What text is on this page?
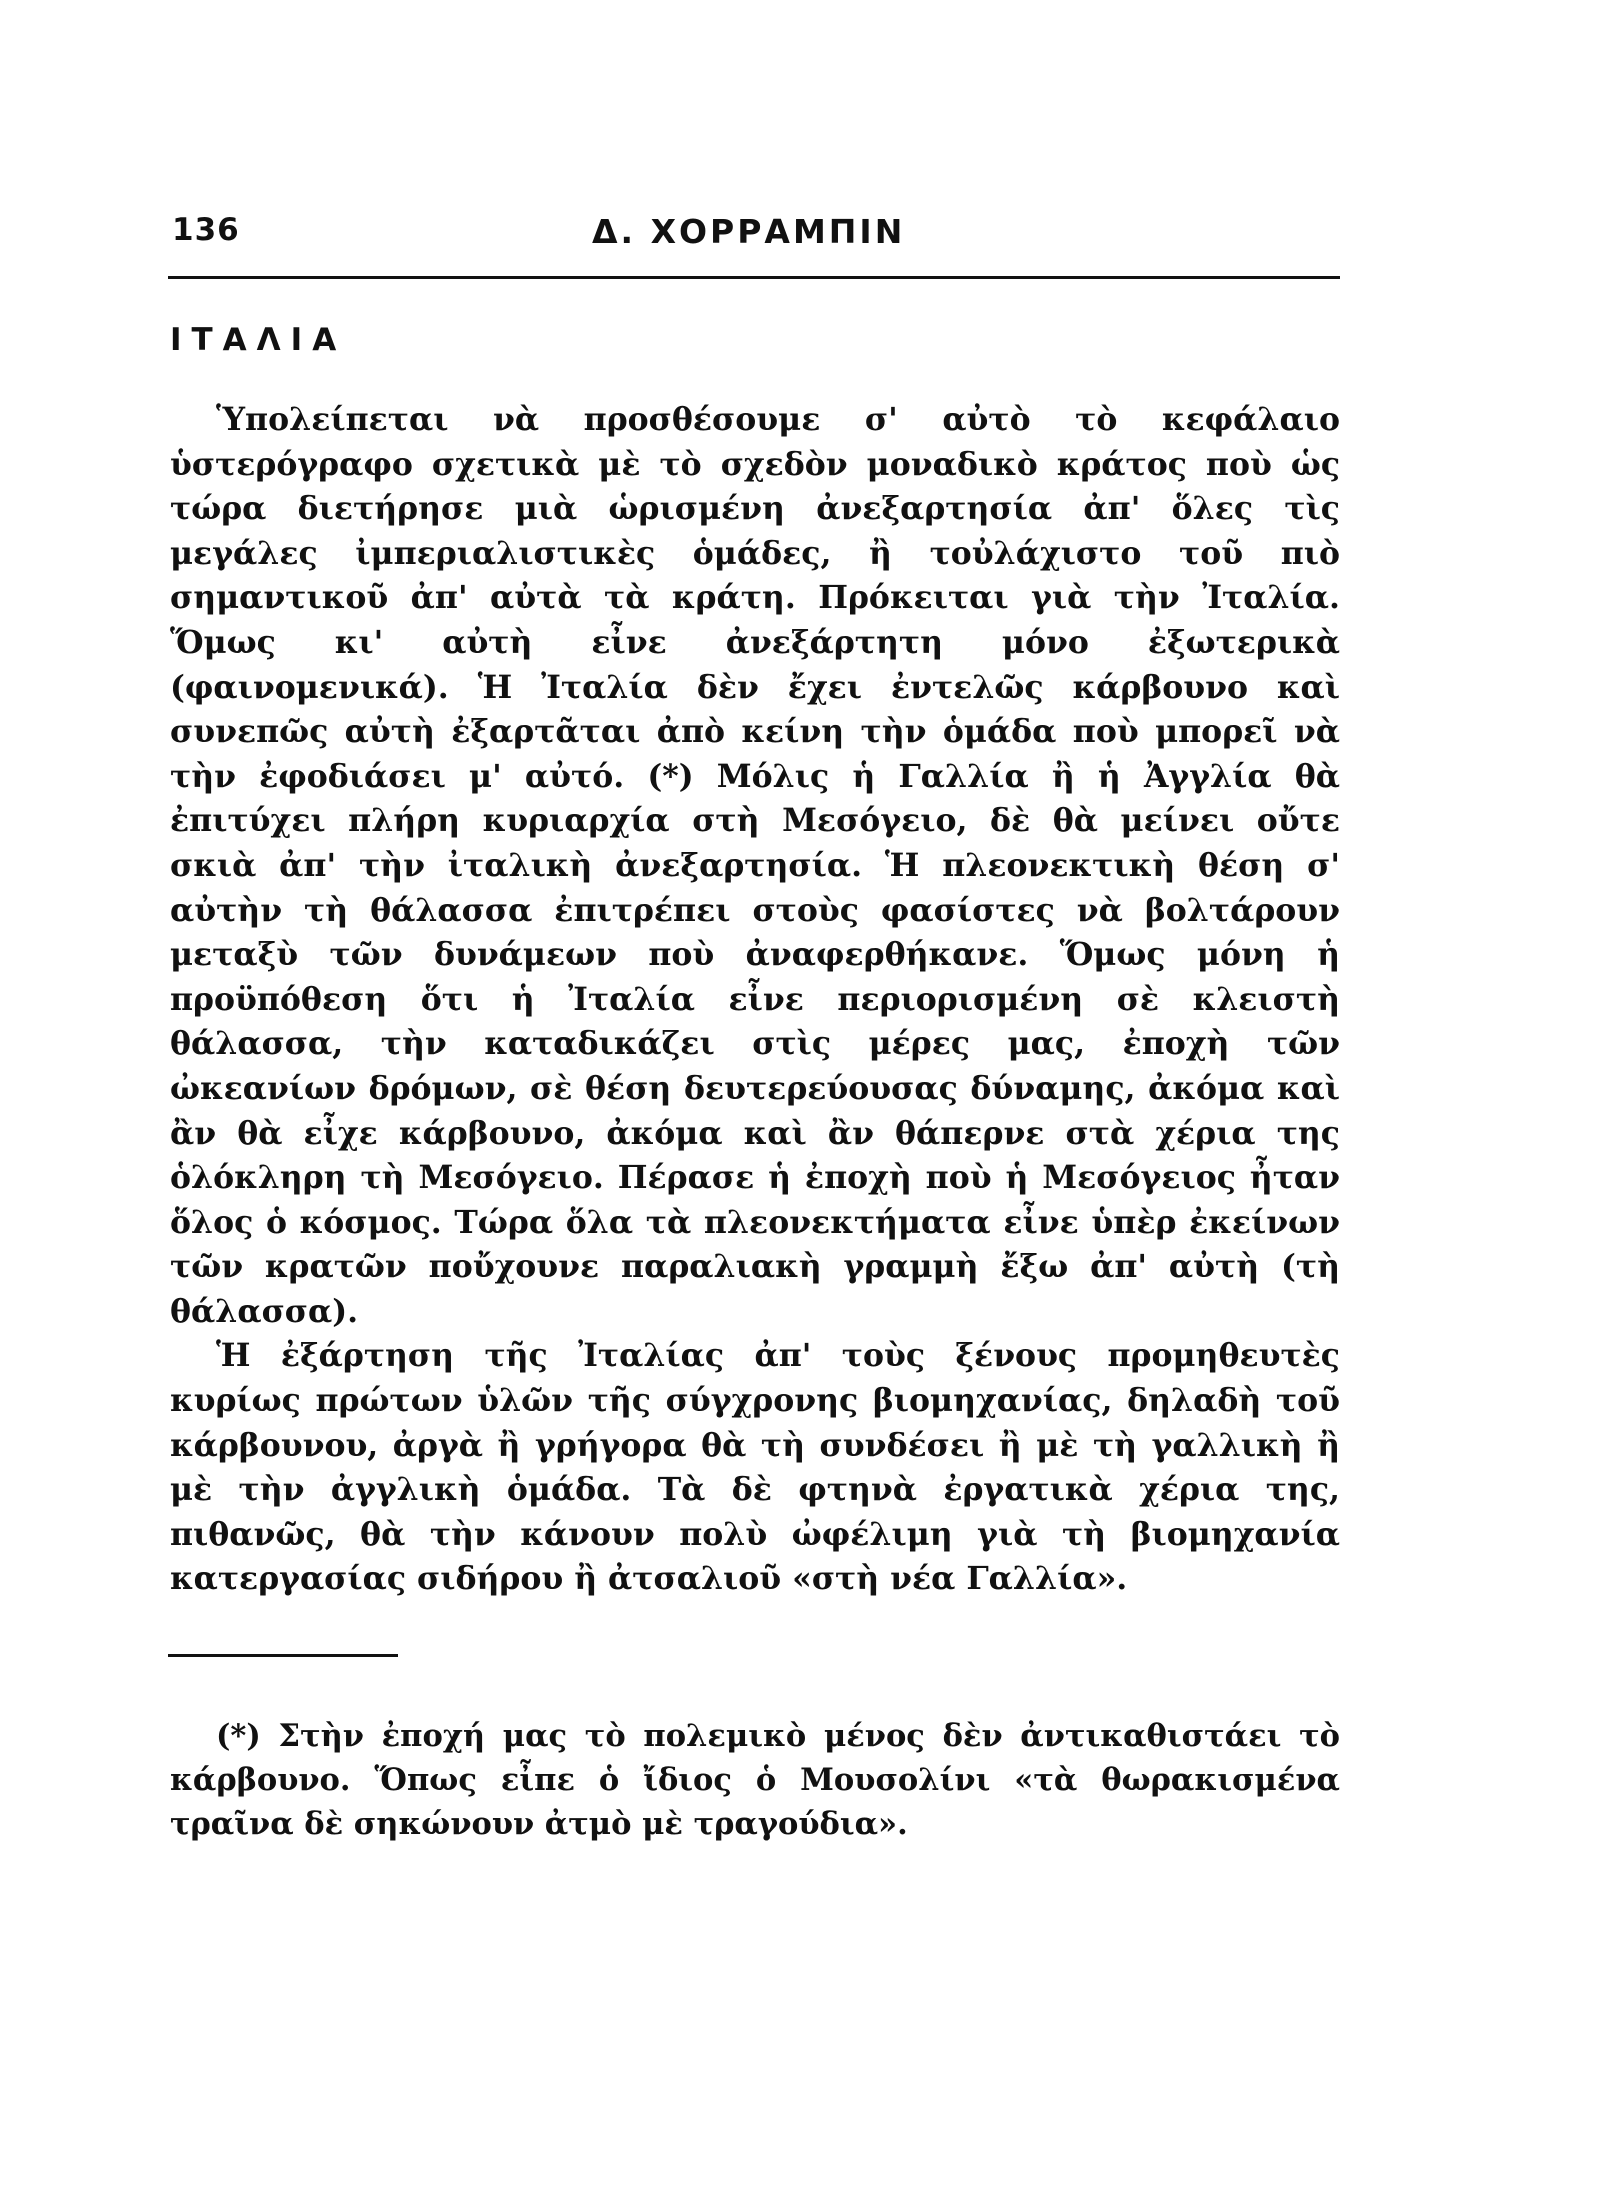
136	Δ. ΧΟΡΡΑΜΠΙΝ
ΙΤΑΛΙΑ

Ὑπολείπεται νὰ προσθέσουμε σ' αὐτὸ τὸ κεφάλαιο ὑστερόγραφο σχετικὰ μὲ τὸ σχεδὸν μοναδικὸ κράτος ποὺ ὡς τώρα διετήρησε μιὰ ὡρισμένη ἀνεξαρτησία ἀπ' ὅλες τὶς μεγάλες ἰμπεριαλιστικὲς ὁμάδες, ἢ τοὐλάχιστο τοῦ πιὸ σημαντικοῦ ἀπ' αὐτὰ τὰ κράτη. Πρόκειται γιὰ τὴν Ἰταλία. Ὅμως κι' αὐτὴ εἶνε ἀνεξάρτητη μόνο ἐξωτερικὰ (φαινομενικά). Ἡ Ἰταλία δὲν ἔχει ἐντελῶς κάρβουνο καὶ συνεπῶς αὐτὴ ἐξαρτᾶται ἀπὸ κείνη τὴν ὁμάδα ποὺ μπορεῖ νὰ τὴν ἐφοδιάσει μ' αὐτό. (*) Μόλις ἡ Γαλλία ἢ ἡ Ἀγγλία θὰ ἐπιτύχει πλήρη κυριαρχία στὴ Μεσόγειο, δὲ θὰ μείνει οὔτε σκιὰ ἀπ' τὴν ἰταλικὴ ἀνεξαρτησία. Ἡ πλεονεκτικὴ θέση σ' αὐτὴν τὴ θάλασσα ἐπιτρέπει στοὺς φασίστες νὰ βολτάρουν μεταξὺ τῶν δυνάμεων ποὺ ἀναφερθήκανε. Ὅμως μόνη ἡ προϋπόθεση ὅτι ἡ Ἰταλία εἶνε περιορισμένη σὲ κλειστὴ θάλασσα, τὴν καταδικάζει στὶς μέρες μας, ἐποχὴ τῶν ὠκεανίων δρόμων, σὲ θέση δευτερεύουσας δύναμης, ἀκόμα καὶ ἂν θὰ εἶχε κάρβουνο, ἀκόμα καὶ ἂν θάπερνε στὰ χέρια της ὁλόκληρη τὴ Μεσόγειο. Πέρασε ἡ ἐποχὴ ποὺ ἡ Μεσόγειος ἦταν ὅλος ὁ κόσμος. Τώρα ὅλα τὰ πλεονεκτήματα εἶνε ὑπὲρ ἐκείνων τῶν κρατῶν ποὔχουνε παραλιακὴ γραμμὴ ἔξω ἀπ' αὐτὴ (τὴ θάλασσα).

Ἡ ἐξάρτηση τῆς Ἰταλίας ἀπ' τοὺς ξένους προμηθευτὲς κυρίως πρώτων ὑλῶν τῆς σύγχρονης βιομηχανίας, δηλαδὴ τοῦ κάρβουνου, ἀργὰ ἢ γρήγορα θὰ τὴ συνδέσει ἢ μὲ τὴ γαλλικὴ ἢ μὲ τὴν ἀγγλικὴ ὁμάδα. Τὰ δὲ φτηνὰ ἐργατικὰ χέρια της, πιθανῶς, θὰ τὴν κάνουν πολὺ ὠφέλιμη γιὰ τὴ βιομηχανία κατεργασίας σιδήρου ἢ ἀτσαλιοῦ «στὴ νέα Γαλλία».

(*) Στὴν ἐποχή μας τὸ πολεμικὸ μένος δὲν ἀντικαθιστάει τὸ κάρβουνο. Ὅπως εἶπε ὁ ἴδιος ὁ Μουσολίνι «τὰ θωρακισμένα τραῖνα δὲ σηκώνουν ἀτμὸ μὲ τραγούδια».
